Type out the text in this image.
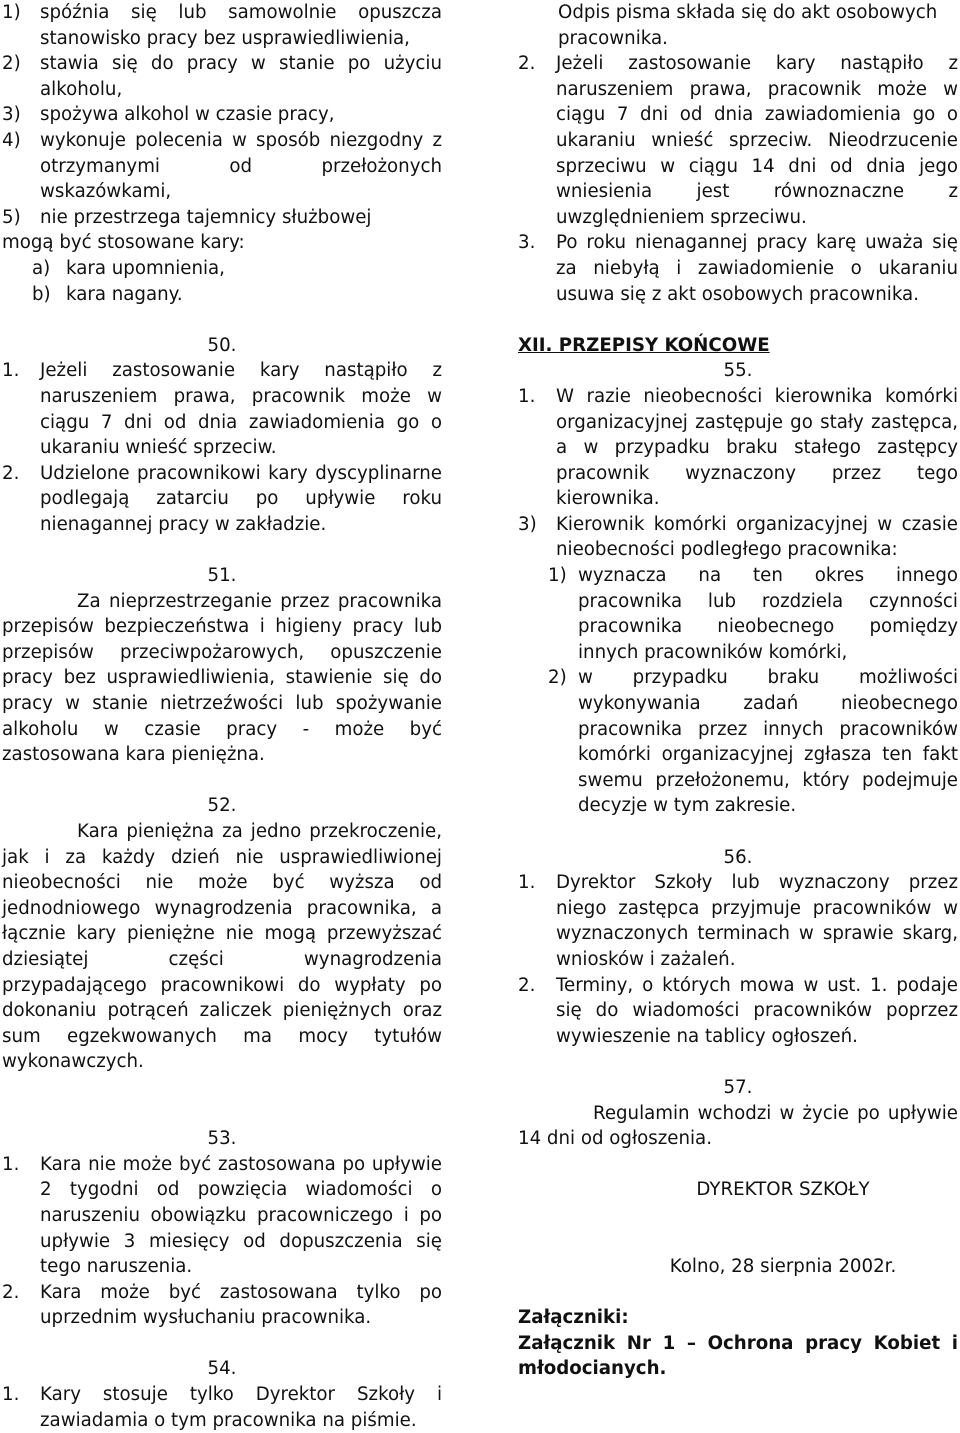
1)	spóźnia się lub samowolnie opuszcza stanowisko pracy bez usprawiedliwienia,
2)	stawia się do pracy w stanie po użyciu alkoholu,
3)	spożywa alkohol w czasie pracy,
4)	wykonuje polecenia w sposób niezgodny z otrzymanymi od przełożonych wskazówkami,
5)	nie przestrzega tajemnicy służbowej
mogą być stosowane kary:
a) kara upomnienia,
b) kara nagany.
50.
1.	Jeżeli zastosowanie kary nastąpiło z naruszeniem prawa, pracownik może w ciągu 7 dni od dnia zawiadomienia go o ukaraniu wnieść sprzeciw.
2.	Udzielone pracownikowi kary dyscyplinarne podlegają zatarciu po upływie roku nienagannej pracy w zakładzie.
51.
Za nieprzestrzeganie przez pracownika przepisów bezpieczeństwa i higieny pracy lub przepisów przeciwpożarowych, opuszczenie pracy bez usprawiedliwienia, stawienie się do pracy w stanie nietrzeźwości lub spożywanie alkoholu w czasie pracy - może być zastosowana kara pieniężna.
52.
Kara pieniężna za jedno przekroczenie, jak i za każdy dzień nie usprawiedliwionej nieobecności nie może być wyższa od jednodniowego wynagrodzenia pracownika, a łącznie kary pieniężne nie mogą przewyższać dziesiątej części wynagrodzenia przypadającego pracownikowi do wypłaty po dokonaniu potrąceń zaliczek pieniężnych oraz sum egzekwowanych ma mocy tytułów wykonawczych.
53.
1.	Kara nie może być zastosowana po upływie 2 tygodni od powzięcia wiadomości o naruszeniu obowiązku pracowniczego i po upływie 3 miesięcy od dopuszczenia się tego naruszenia.
2.	Kara może być zastosowana tylko po uprzednim wysłuchaniu pracownika.
54.
1.	Kary stosuje tylko Dyrektor Szkoły i zawiadamia o tym pracownika na piśmie.
Odpis pisma składa się do akt osobowych pracownika.
2.	Jeżeli zastosowanie kary nastąpiło z naruszeniem prawa, pracownik może w ciągu 7 dni od dnia zawiadomienia go o ukaraniu wnieść sprzeciw. Nieodrzucenie sprzeciwu w ciągu 14 dni od dnia jego wniesienia jest równoznaczne z uwzględnieniem sprzeciwu.
3.	Po roku nienagannej pracy karę uważa się za niebyłą i zawiadomienie o ukaraniu usuwa się z akt osobowych pracownika.
XII. PRZEPISY KOŃCOWE
55.
1.	W razie nieobecności kierownika komórki organizacyjnej zastępuje go stały zastępca, a w przypadku braku stałego zastępcy pracownik wyznaczony przez tego kierownika.
3)	Kierownik komórki organizacyjnej w czasie nieobecności podległego pracownika:
1) wyznacza na ten okres innego pracownika lub rozdziela czynności pracownika nieobecnego pomiędzy innych pracowników komórki,
2) w przypadku braku możliwości wykonywania zadań nieobecnego pracownika przez innych pracowników komórki organizacyjnej zgłasza ten fakt swemu przełożonemu, który podejmuje decyzje w tym zakresie.
56.
1.	Dyrektor Szkoły lub wyznaczony przez niego zastępca przyjmuje pracowników w wyznaczonych terminach w sprawie skarg, wniosków i zażaleń.
2.	Terminy, o których mowa w ust. 1. podaje się do wiadomości pracowników poprzez wywieszenie na tablicy ogłoszeń.
57.
Regulamin wchodzi w życie po upływie 14 dni od ogłoszenia.
DYREKTOR SZKOŁY
Kolno, 28 sierpnia 2002r.
Załączniki:
Załącznik Nr 1 – Ochrona pracy Kobiet i młodocianych.
